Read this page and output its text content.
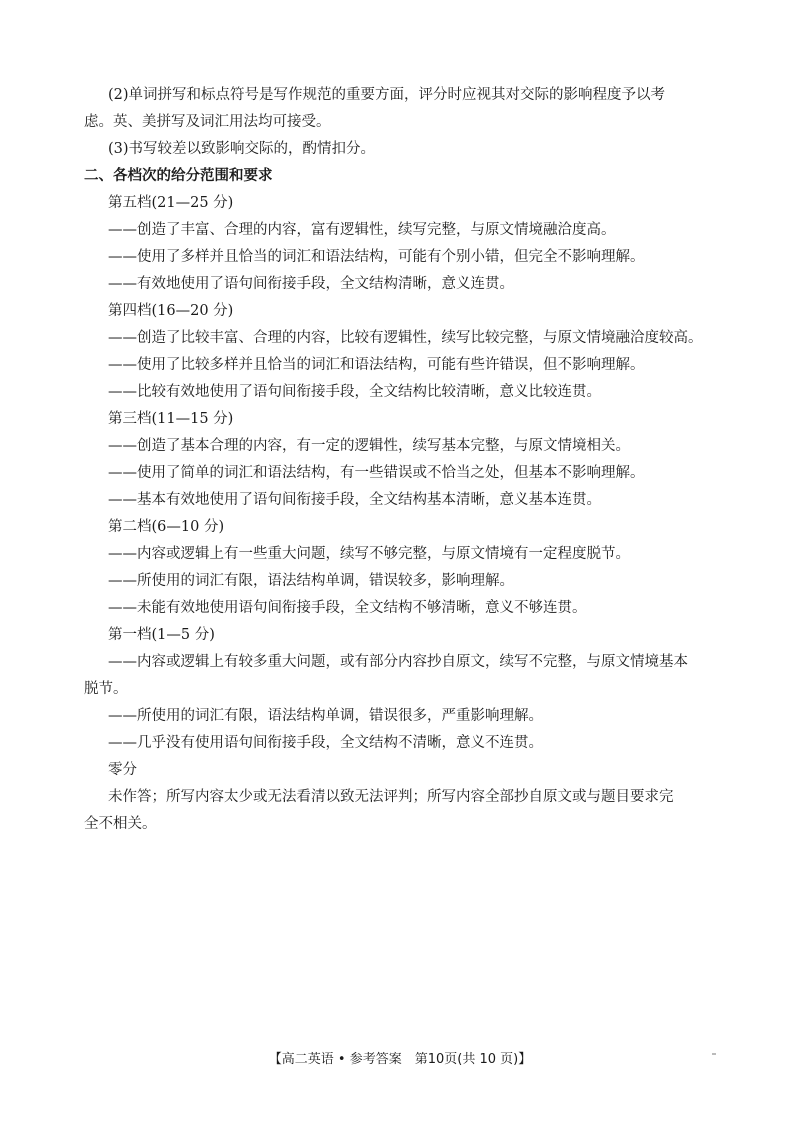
(2)单词拼写和标点符号是写作规范的重要方面，评分时应视其对交际的影响程度予以考

虑。英、美拼写及词汇用法均可接受。

(3)书写较差以致影响交际的，酌情扣分。

二、各档次的给分范围和要求

第五档(21—25 分)

——创造了丰富、合理的内容，富有逻辑性，续写完整，与原文情境融洽度高。

——使用了多样并且恰当的词汇和语法结构，可能有个别小错，但完全不影响理解。

——有效地使用了语句间衔接手段，全文结构清晰，意义连贯。

第四档(16—20 分)

——创造了比较丰富、合理的内容，比较有逻辑性，续写比较完整，与原文情境融洽度较高。

——使用了比较多样并且恰当的词汇和语法结构，可能有些许错误，但不影响理解。

——比较有效地使用了语句间衔接手段，全文结构比较清晰，意义比较连贯。

第三档(11—15 分)

——创造了基本合理的内容，有一定的逻辑性，续写基本完整，与原文情境相关。

——使用了简单的词汇和语法结构，有一些错误或不恰当之处，但基本不影响理解。

——基本有效地使用了语句间衔接手段，全文结构基本清晰，意义基本连贯。

第二档(6—10 分)

——内容或逻辑上有一些重大问题，续写不够完整，与原文情境有一定程度脱节。

——所使用的词汇有限，语法结构单调，错误较多，影响理解。

——未能有效地使用语句间衔接手段，全文结构不够清晰，意义不够连贯。

第一档(1—5 分)

——内容或逻辑上有较多重大问题，或有部分内容抄自原文，续写不完整，与原文情境基本

脱节。

——所使用的词汇有限，语法结构单调，错误很多，严重影响理解。

——几乎没有使用语句间衔接手段，全文结构不清晰，意义不连贯。

零分

未作答；所写内容太少或无法看清以致无法评判；所写内容全部抄自原文或与题目要求完

全不相关。

【高二英语 • 参考答案　第10页(共 10 页)】
